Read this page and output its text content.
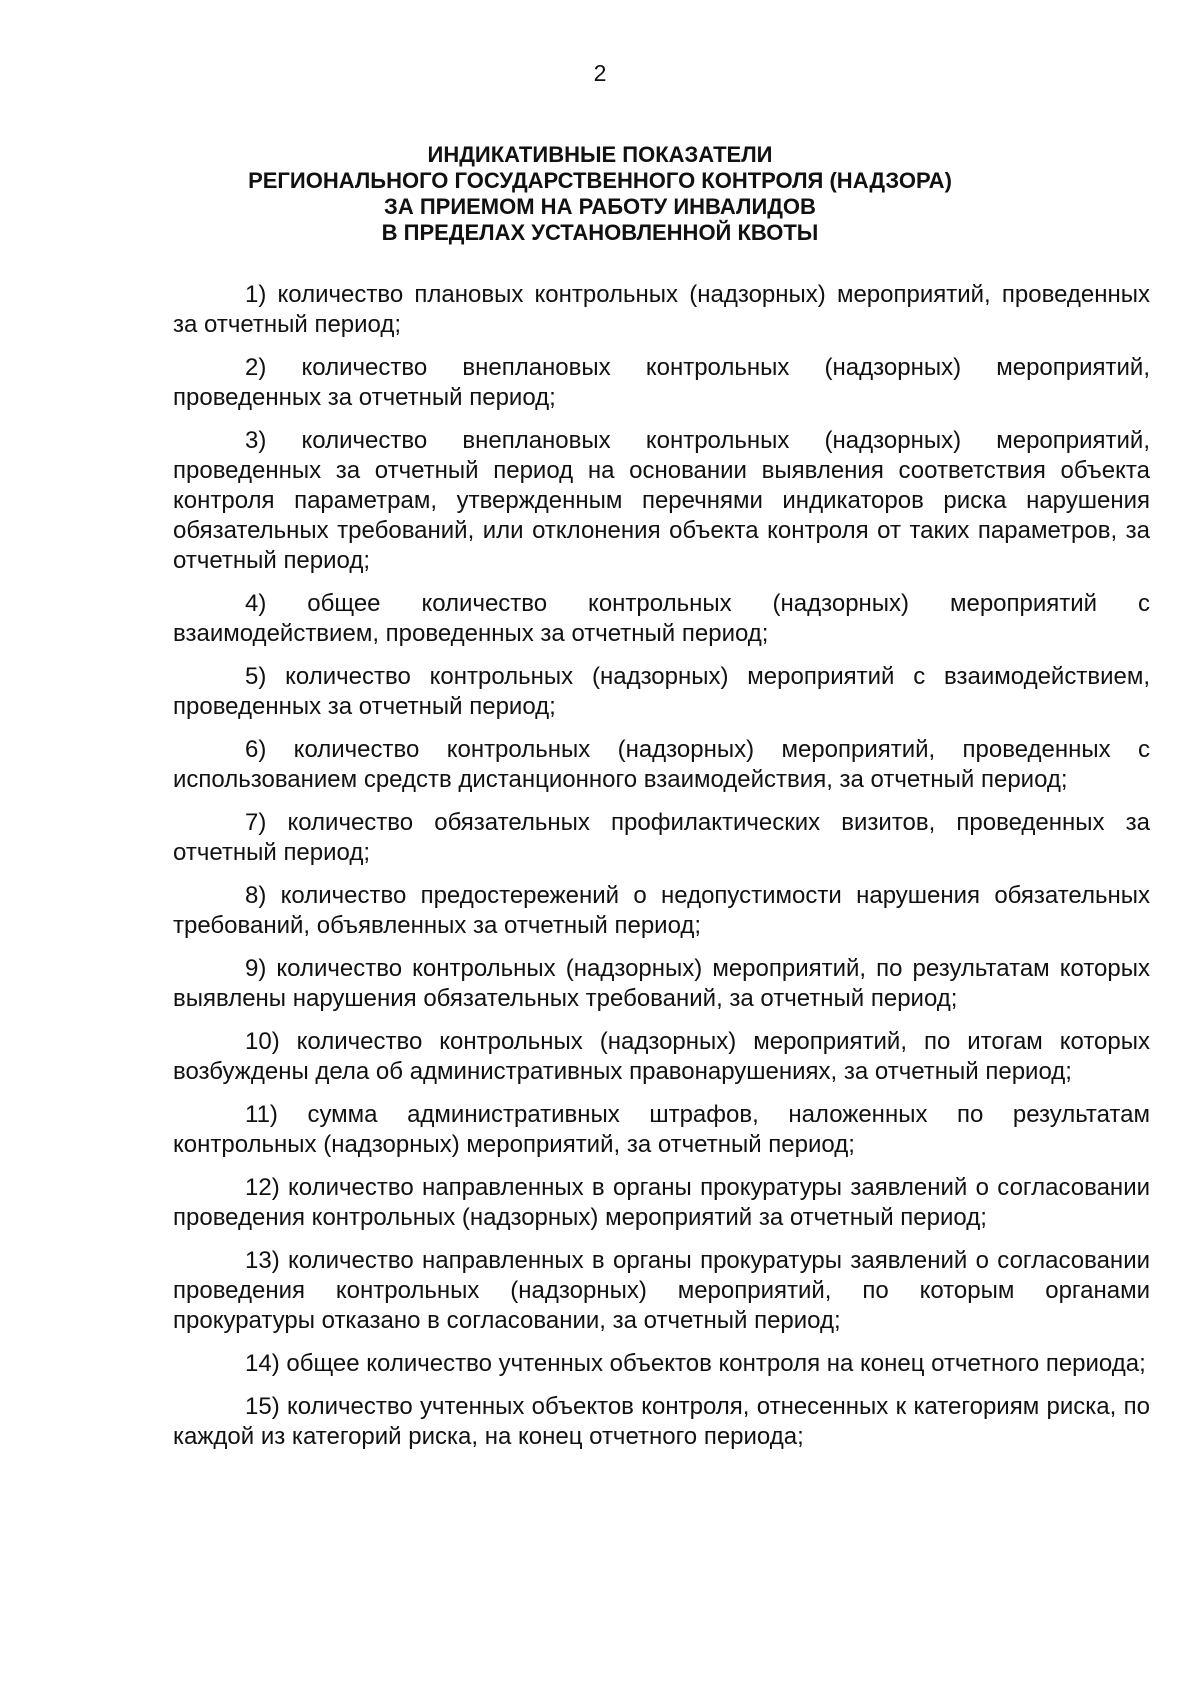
2
ИНДИКАТИВНЫЕ ПОКАЗАТЕЛИ
РЕГИОНАЛЬНОГО ГОСУДАРСТВЕННОГО КОНТРОЛЯ (НАДЗОРА)
ЗА ПРИЕМОМ НА РАБОТУ ИНВАЛИДОВ
В ПРЕДЕЛАХ УСТАНОВЛЕННОЙ КВОТЫ

1) количество плановых контрольных (надзорных) мероприятий, проведенных за отчетный период;

2) количество внеплановых контрольных (надзорных) мероприятий, проведенных за отчетный период;

3) количество внеплановых контрольных (надзорных) мероприятий, проведенных за отчетный период на основании выявления соответствия объекта контроля параметрам, утвержденным перечнями индикаторов риска нарушения обязательных требований, или отклонения объекта контроля от таких параметров, за отчетный период;

4) общее количество контрольных (надзорных) мероприятий с взаимодействием, проведенных за отчетный период;

5) количество контрольных (надзорных) мероприятий с взаимодействием, проведенных за отчетный период;

6) количество контрольных (надзорных) мероприятий, проведенных с использованием средств дистанционного взаимодействия, за отчетный период;

7) количество обязательных профилактических визитов, проведенных за отчетный период;

8) количество предостережений о недопустимости нарушения обязательных требований, объявленных за отчетный период;

9) количество контрольных (надзорных) мероприятий, по результатам которых выявлены нарушения обязательных требований, за отчетный период;

10) количество контрольных (надзорных) мероприятий, по итогам которых возбуждены дела об административных правонарушениях, за отчетный период;

11) сумма административных штрафов, наложенных по результатам контрольных (надзорных) мероприятий, за отчетный период;

12) количество направленных в органы прокуратуры заявлений о согласовании проведения контрольных (надзорных) мероприятий за отчетный период;

13) количество направленных в органы прокуратуры заявлений о согласовании проведения контрольных (надзорных) мероприятий, по которым органами прокуратуры отказано в согласовании, за отчетный период;

14) общее количество учтенных объектов контроля на конец отчетного периода;

15) количество учтенных объектов контроля, отнесенных к категориям риска, по каждой из категорий риска, на конец отчетного периода;
